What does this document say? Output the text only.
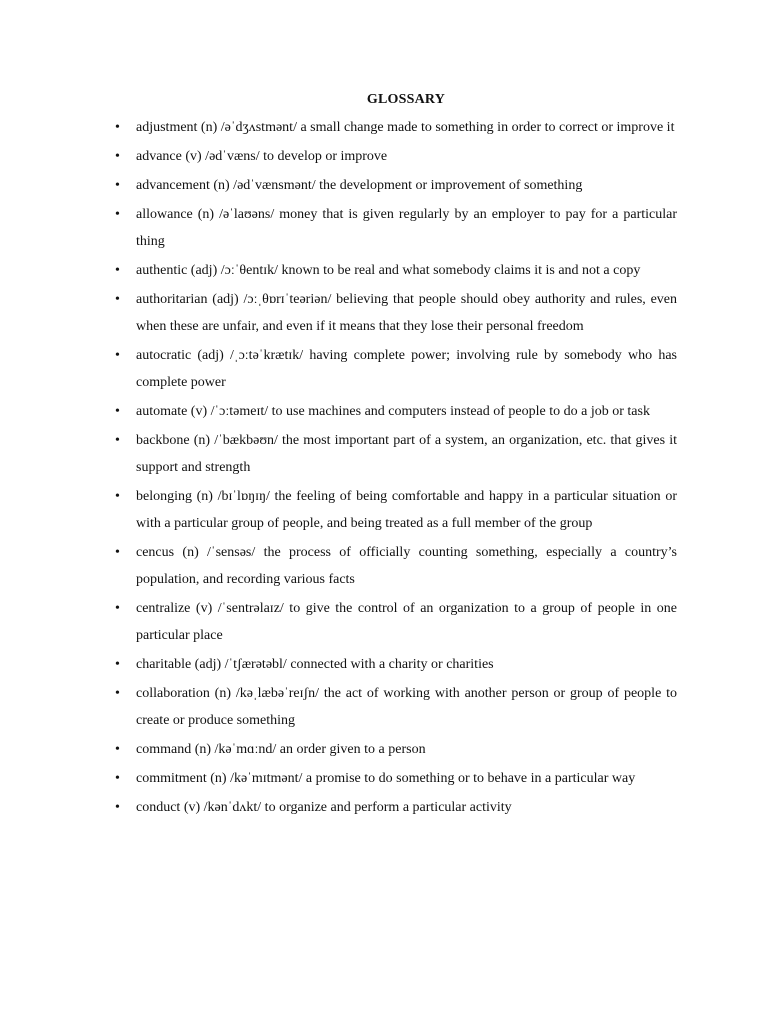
GLOSSARY
• adjustment (n) /əˈdʒʌstmənt/ a small change made to something in order to correct or improve it
• advance (v) /ədˈvæns/ to develop or improve
• advancement (n) /ədˈvænsmənt/ the development or improvement of something
• allowance (n) /əˈlaʊəns/ money that is given regularly by an employer to pay for a particular thing
• authentic (adj) /ɔːˈθentɪk/ known to be real and what somebody claims it is and not a copy
• authoritarian (adj) /ɔːˌθɒrɪˈteəriən/ believing that people should obey authority and rules, even when these are unfair, and even if it means that they lose their personal freedom
• autocratic (adj) /ˌɔːtəˈkrætɪk/ having complete power; involving rule by somebody who has complete power
• automate (v) /ˈɔːtəmeɪt/ to use machines and computers instead of people to do a job or task
• backbone (n) /ˈbækbəʊn/ the most important part of a system, an organization, etc. that gives it support and strength
• belonging (n) /bɪˈlɒŋɪŋ/ the feeling of being comfortable and happy in a particular situation or with a particular group of people, and being treated as a full member of the group
• cencus (n) /ˈsensəs/ the process of officially counting something, especially a country’s population, and recording various facts
• centralize (v) /ˈsentrəlaɪz/ to give the control of an organization to a group of people in one particular place
• charitable (adj) /ˈtʃærətəbl/ connected with a charity or charities
• collaboration (n) /kəˌlæbəˈreɪʃn/ the act of working with another person or group of people to create or produce something
• command (n) /kəˈmɑːnd/ an order given to a person
• commitment (n) /kəˈmɪtmənt/ a promise to do something or to behave in a particular way
• conduct (v) /kənˈdʌkt/ to organize and perform a particular activity
